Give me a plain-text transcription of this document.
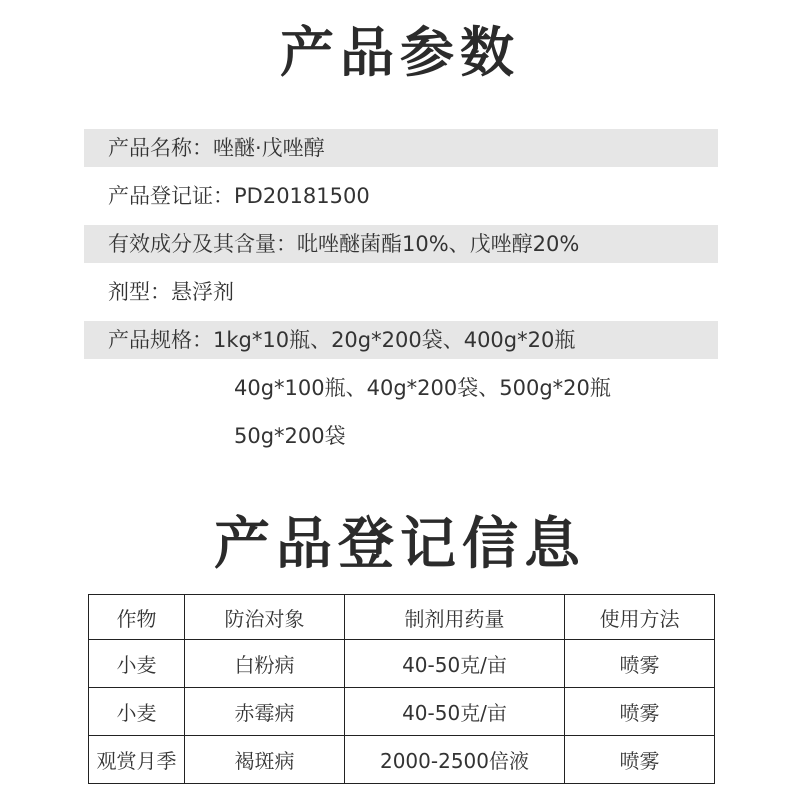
产品参数
产品名称：唑醚·戊唑醇
产品登记证：PD20181500
有效成分及其含量：吡唑醚菌酯10%、戊唑醇20%
剂型：悬浮剂
产品规格：1kg*10瓶、20g*200袋、400g*20瓶
40g*100瓶、40g*200袋、500g*20瓶
50g*200袋
产品登记信息
作物	防治对象	制剂用药量	使用方法
小麦	白粉病	40-50克/亩	喷雾
小麦	赤霉病	40-50克/亩	喷雾
观赏月季	褐斑病	2000-2500倍液	喷雾
